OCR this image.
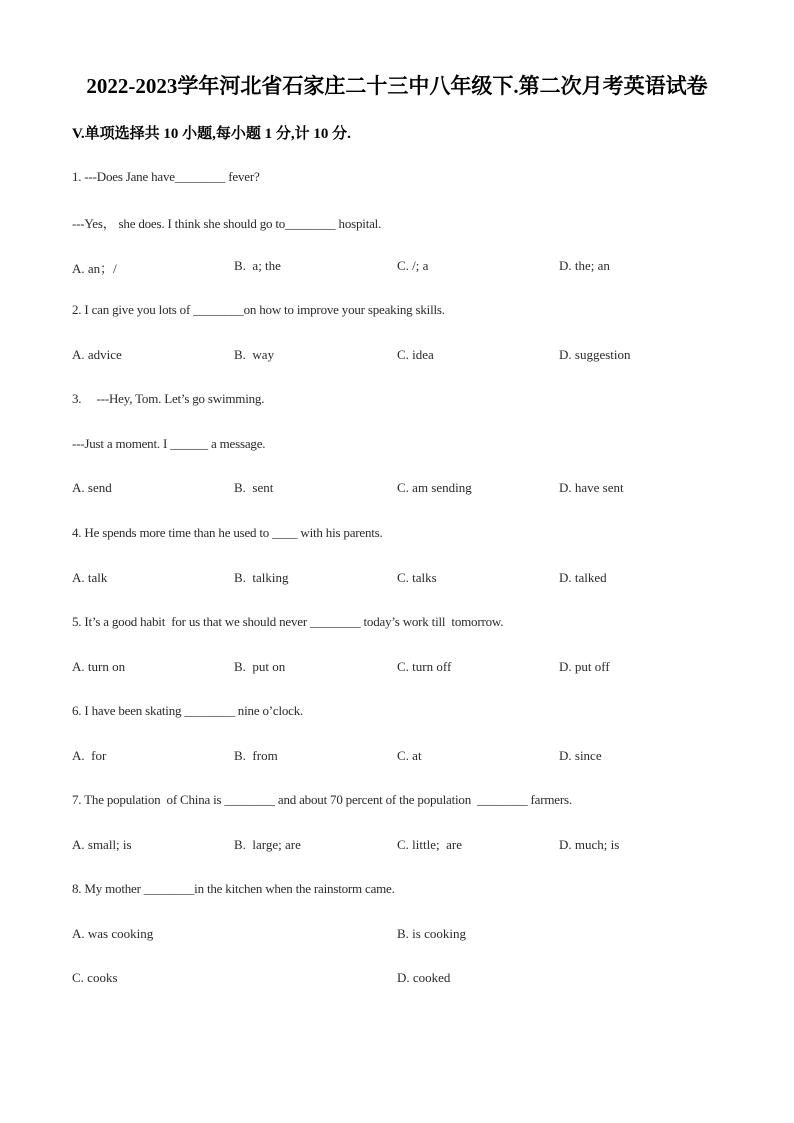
2022-2023学年河北省石家庄二十三中八年级下.第二次月考英语试卷
V.单项选择共 10 小题,每小题 1 分,计 10 分.
1. ---Does Jane have________ fever?
---Yes， she does. I think she should go to________ hospital.
A. an；/	B.  a; the	C. /; a	D. the; an
2. I can give you lots of ________on how to improve your speaking skills.
A. advice	B.  way	C. idea	D. suggestion
3.     ---Hey, Tom. Let’s go swimming.
---Just a moment. I ______ a message.
A. send	B.  sent	C. am sending	D. have sent
4. He spends more time than he used to ____ with his parents.
A. talk	B.  talking	C. talks	D. talked
5. It’s a good habit  for us that we should never ________ today’s work till  tomorrow.
A. turn on	B.  put on	C. turn off	D. put off
6. I have been skating ________ nine o’clock.
A.  for	B.  from	C. at	D. since
7. The population  of China is ________ and about 70 percent of the population  ________ farmers.
A. small; is	B.  large; are	C. little;  are	D. much; is
8. My mother ________in the kitchen when the rainstorm came.
A. was cooking	B. is cooking
C. cooks	D. cooked
